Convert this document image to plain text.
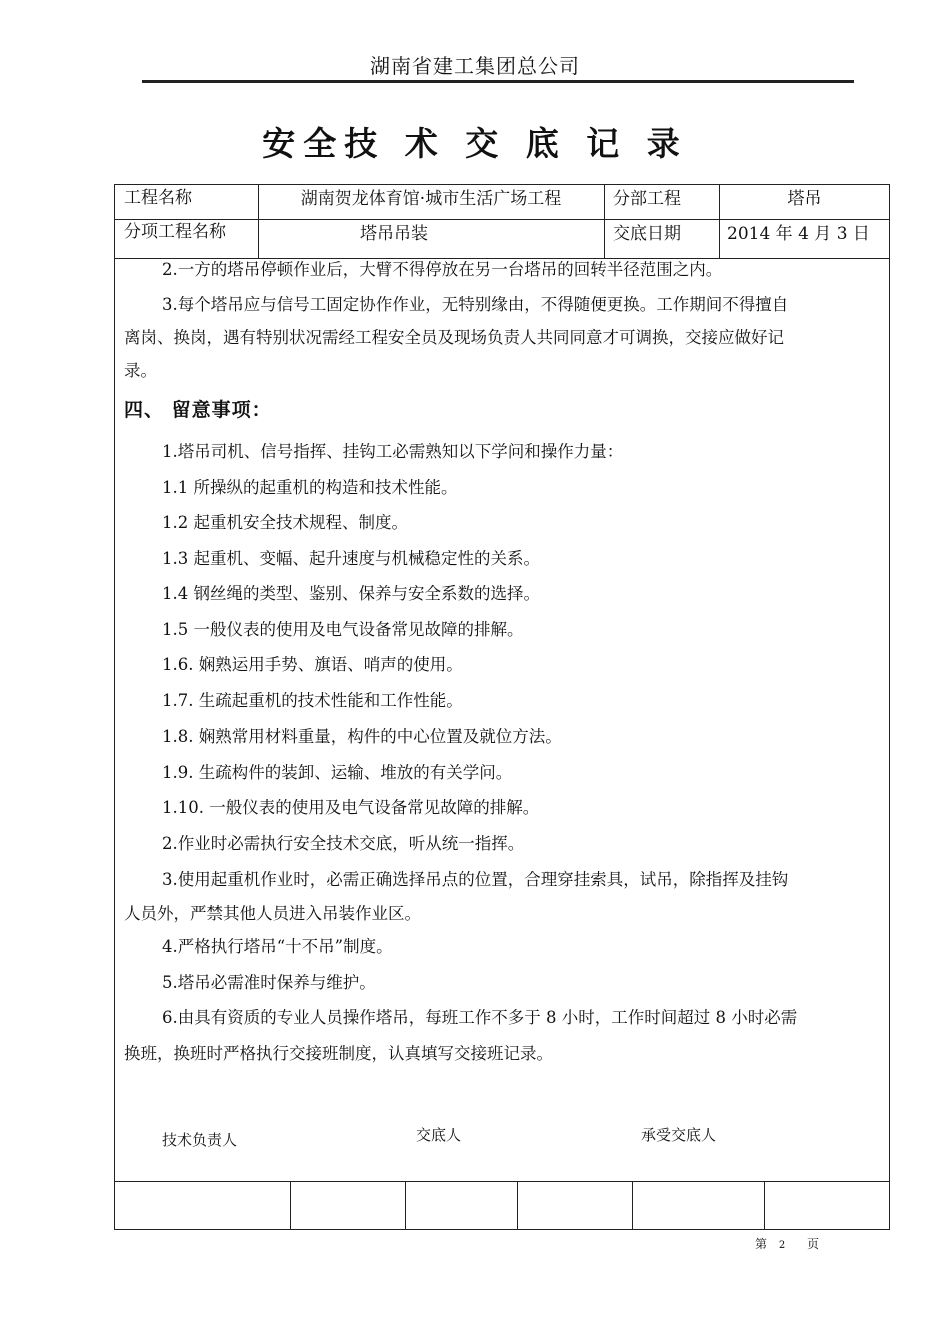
湖南省建工集团总公司
安全技 术 交 底 记 录
工程名称	湖南贺龙体育馆·城市生活广场工程	分部工程	塔吊
分项工程名称	塔吊吊装	交底日期	2014 年 4 月 3 日
2.一方的塔吊停顿作业后，大臂不得停放在另一台塔吊的回转半径范围之内。
3.每个塔吊应与信号工固定协作作业，无特别缘由，不得随便更换。工作期间不得擅自
离岗、换岗，遇有特别状况需经工程安全员及现场负责人共同同意才可调换，交接应做好记
录。
四、 留意事项：
1.塔吊司机、信号指挥、挂钩工必需熟知以下学问和操作力量：
1.1 所操纵的起重机的构造和技术性能。
1.2 起重机安全技术规程、制度。
1.3 起重机、变幅、起升速度与机械稳定性的关系。
1.4 钢丝绳的类型、鉴别、保养与安全系数的选择。
1.5 一般仪表的使用及电气设备常见故障的排解。
1.6. 娴熟运用手势、旗语、哨声的使用。
1.7. 生疏起重机的技术性能和工作性能。
1.8. 娴熟常用材料重量，构件的中心位置及就位方法。
1.9. 生疏构件的装卸、运输、堆放的有关学问。
1.10. 一般仪表的使用及电气设备常见故障的排解。
2.作业时必需执行安全技术交底，听从统一指挥。
3.使用起重机作业时，必需正确选择吊点的位置，合理穿挂索具，试吊，除指挥及挂钩
人员外，严禁其他人员进入吊装作业区。
4.严格执行塔吊“十不吊”制度。
5.塔吊必需准时保养与维护。
6.由具有资质的专业人员操作塔吊，每班工作不多于 8 小时，工作时间超过 8 小时必需
换班，换班时严格执行交接班制度，认真填写交接班记录。
技术负责人	交底人	承受交底人
第 2 页
